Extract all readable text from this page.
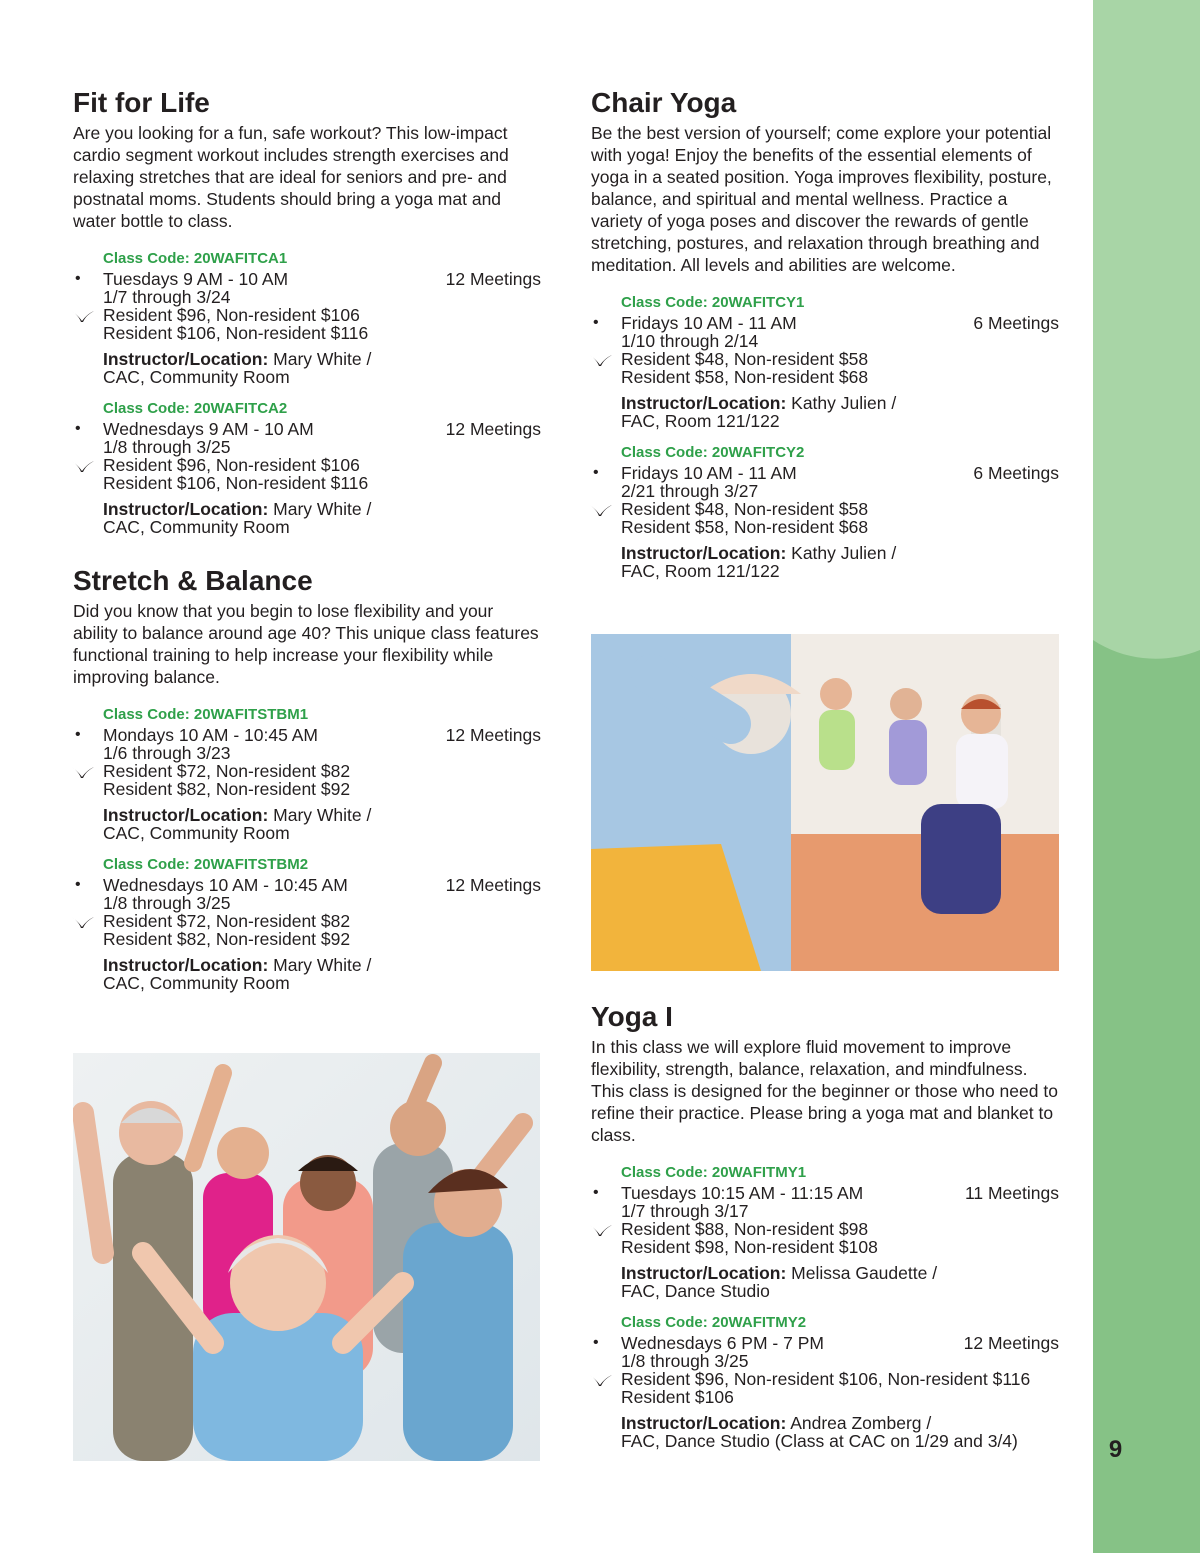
9
Fit for Life

Are you looking for a fun, safe workout? This low-impact cardio segment workout includes strength exercises and relaxing stretches that are ideal for seniors and pre- and postnatal moms. Students should bring a yoga mat and water bottle to class.

Class Code: 20WAFITCA1
• Tuesdays 9 AM - 10 AM	12 Meetings
1/7 through 3/24
Resident $96, Non-resident $106
Resident $106, Non-resident $116
Instructor/Location: Mary White /
CAC, Community Room
Class Code: 20WAFITCA2
• Wednesdays 9 AM - 10 AM	12 Meetings
1/8 through 3/25
Resident $96, Non-resident $106
Resident $106, Non-resident $116
Instructor/Location: Mary White /
CAC, Community Room
Stretch & Balance

Did you know that you begin to lose flexibility and your ability to balance around age 40? This unique class features functional training to help increase your flexibility while improving balance.

Class Code: 20WAFITSTBM1
• Mondays 10 AM - 10:45 AM	12 Meetings
1/6 through 3/23
Resident $72, Non-resident $82
Resident $82, Non-resident $92
Instructor/Location: Mary White /
CAC, Community Room
Class Code: 20WAFITSTBM2
• Wednesdays 10 AM - 10:45 AM	12 Meetings
1/8 through 3/25
Resident $72, Non-resident $82
Resident $82, Non-resident $92
Instructor/Location: Mary White /
CAC, Community Room
Chair Yoga

Be the best version of yourself; come explore your potential with yoga! Enjoy the benefits of the essential elements of yoga in a seated position. Yoga improves flexibility, posture, balance, and spiritual and mental wellness. Practice a variety of yoga poses and discover the rewards of gentle stretching, postures, and relaxation through breathing and meditation. All levels and abilities are welcome.

Class Code: 20WAFITCY1
• Fridays 10 AM - 11 AM	6 Meetings
1/10 through 2/14
Resident $48, Non-resident $58
Resident $58, Non-resident $68
Instructor/Location: Kathy Julien /
FAC, Room 121/122
Class Code: 20WAFITCY2
• Fridays 10 AM - 11 AM	6 Meetings
2/21 through 3/27
Resident $48, Non-resident $58
Resident $58, Non-resident $68
Instructor/Location: Kathy Julien /
FAC, Room 121/122
Yoga I

In this class we will explore fluid movement to improve flexibility, strength, balance, relaxation, and mindfulness. This class is designed for the beginner or those who need to refine their practice. Please bring a yoga mat and blanket to class.

Class Code: 20WAFITMY1
• Tuesdays 10:15 AM - 11:15 AM	11 Meetings
1/7 through 3/17
Resident $88, Non-resident $98
Resident $98, Non-resident $108
Instructor/Location: Melissa Gaudette /
FAC, Dance Studio
Class Code: 20WAFITMY2
• Wednesdays 6 PM - 7 PM	12 Meetings
1/8 through 3/25
Resident $96, Non-resident $106, Non-resident $116
Resident $106
Instructor/Location: Andrea Zomberg /
FAC, Dance Studio (Class at CAC on 1/29 and 3/4)
